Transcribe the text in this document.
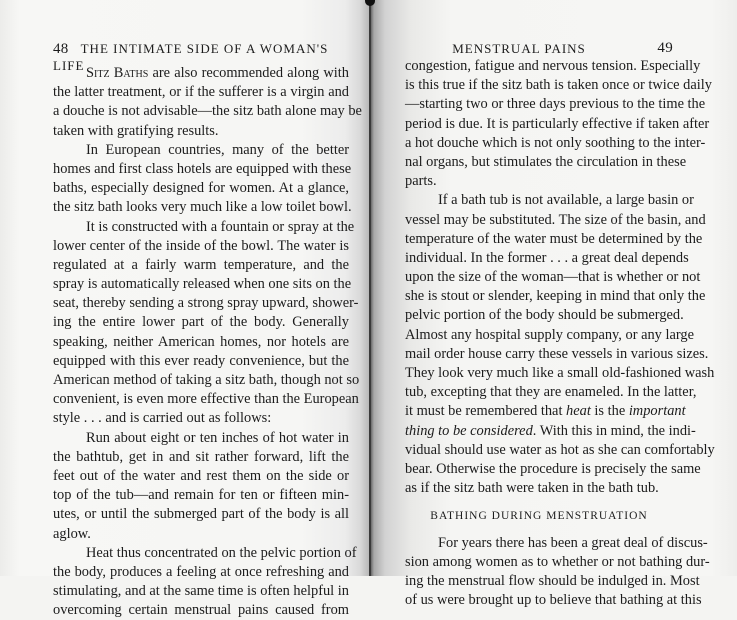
48 THE INTIMATE SIDE OF A WOMAN'S LIFE Sitz Baths are also recommended along with
the latter treatment, or if the sufferer is a virgin and
a douche is not advisable—the sitz bath alone may be
taken with gratifying results.
In European countries, many of the better
homes and first class hotels are equipped with these
baths, especially designed for women. At a glance,
the sitz bath looks very much like a low toilet bowl.
It is constructed with a fountain or spray at the
lower center of the inside of the bowl. The water is
regulated at a fairly warm temperature, and the
spray is automatically released when one sits on the
seat, thereby sending a strong spray upward, shower-
ing the entire lower part of the body. Generally
speaking, neither American homes, nor hotels are
equipped with this ever ready convenience, but the
American method of taking a sitz bath, though not so
convenient, is even more effective than the European
style . . . and is carried out as follows:
Run about eight or ten inches of hot water in
the bathtub, get in and sit rather forward, lift the
feet out of the water and rest them on the side or
top of the tub—and remain for ten or fifteen min-
utes, or until the submerged part of the body is all
aglow.
Heat thus concentrated on the pelvic portion of
the body, produces a feeling at once refreshing and
stimulating, and at the same time is often helpful in
overcoming certain menstrual pains caused from
MENSTRUAL PAINS	49
congestion, fatigue and nervous tension. Especially
is this true if the sitz bath is taken once or twice daily
—starting two or three days previous to the time the
period is due. It is particularly effective if taken after
a hot douche which is not only soothing to the inter-
nal organs, but stimulates the circulation in these
parts.
If a bath tub is not available, a large basin or
vessel may be substituted. The size of the basin, and
temperature of the water must be determined by the
individual. In the former . . . a great deal depends
upon the size of the woman—that is whether or not
she is stout or slender, keeping in mind that only the
pelvic portion of the body should be submerged.
Almost any hospital supply company, or any large
mail order house carry these vessels in various sizes.
They look very much like a small old-fashioned wash
tub, excepting that they are enameled. In the latter,
it must be remembered that heat is the important
thing to be considered. With this in mind, the indi-
vidual should use water as hot as she can comfortably
bear. Otherwise the procedure is precisely the same
as if the sitz bath were taken in the bath tub.
BATHING DURING MENSTRUATION
For years there has been a great deal of discus-
sion among women as to whether or not bathing dur-
ing the menstrual flow should be indulged in. Most
of us were brought up to believe that bathing at this
